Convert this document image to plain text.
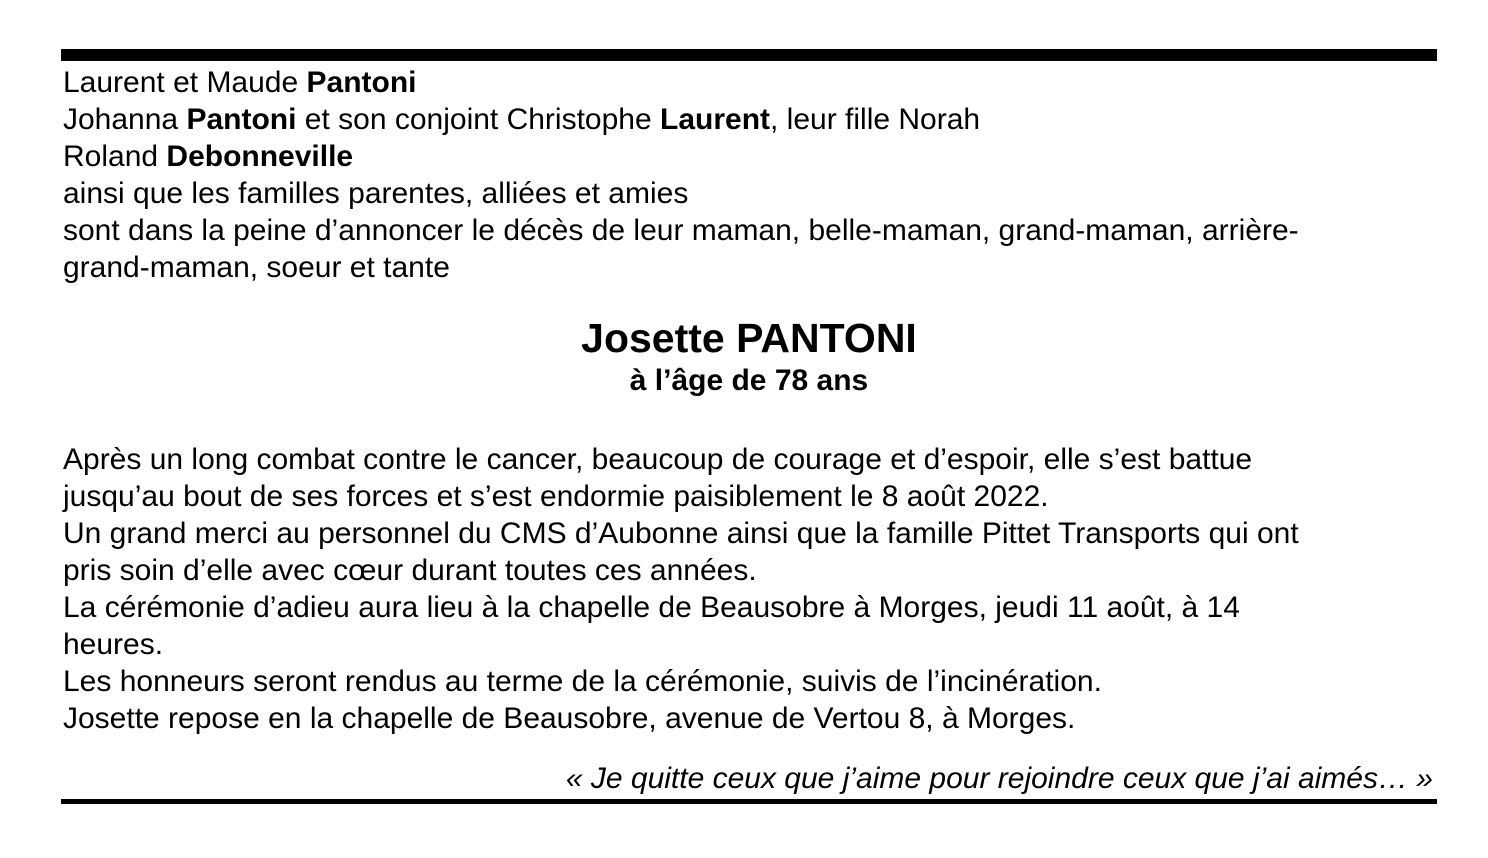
Laurent et Maude Pantoni

Johanna Pantoni et son conjoint Christophe Laurent, leur fille Norah

Roland Debonneville

ainsi que les familles parentes, alliées et amies

sont dans la peine d’annoncer le décès de leur maman, belle-maman, grand-maman, arrière-

grand-maman, soeur et tante

Josette PANTONI
à l’âge de 78 ans

Après un long combat contre le cancer, beaucoup de courage et d’espoir, elle s’est battue

jusqu’au bout de ses forces et s’est endormie paisiblement le 8 août 2022.

Un grand merci au personnel du CMS d’Aubonne ainsi que la famille Pittet Transports qui ont

pris soin d’elle avec cœur durant toutes ces années.

La cérémonie d’adieu aura lieu à la chapelle de Beausobre à Morges, jeudi 11 août, à 14

heures.

Les honneurs seront rendus au terme de la cérémonie, suivis de l’incinération.

Josette repose en la chapelle de Beausobre, avenue de Vertou 8, à Morges.

« Je quitte ceux que j’aime pour rejoindre ceux que j’ai aimés… »
